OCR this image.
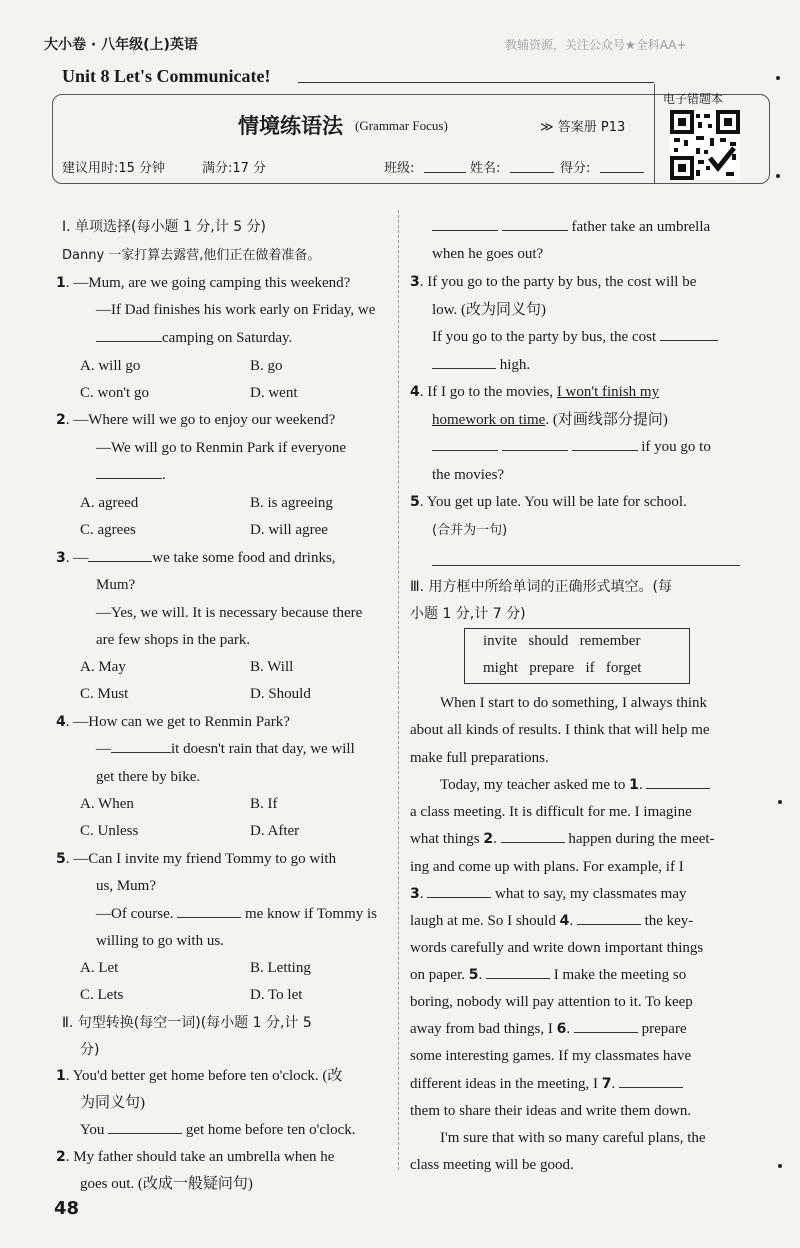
大小卷 · 八年级(上)英语	教辅资源，关注公众号★全科AA+
Unit 8 Let's Communicate!
电子错题本
情境练语法 (Grammar Focus)	≫ 答案册 P13
建议用时:15 分钟	满分:17 分	班级:	姓名:	得分:
Ⅰ. 单项选择(每小题 1 分,计 5 分)
Danny 一家打算去露营,他们正在做着准备。
1. —Mum, are we going camping this weekend?
—If Dad finishes his work early on Friday, we
camping on Saturday.
A. will go	B. go
C. won't go	D. went
2. —Where will we go to enjoy our weekend?
—We will go to Renmin Park if everyone
.
A. agreed	B. is agreeing
C. agrees	D. will agree
3. —	we take some food and drinks,
Mum?
—Yes, we will. It is necessary because there
are few shops in the park.
A. May	B. Will
C. Must	D. Should
4. —How can we get to Renmin Park?
—	it doesn't rain that day, we will
get there by bike.
A. When	B. If
C. Unless	D. After
5. —Can I invite my friend Tommy to go with
us, Mum?
—Of course.	me know if Tommy is
willing to go with us.
A. Let	B. Letting
C. Lets	D. To let
Ⅱ. 句型转换(每空一词)(每小题 1 分,计 5
分)
1. You'd better get home before ten o'clock. (改
为同义句)
You	get home before ten o'clock.
2. My father should take an umbrella when he
goes out. (改成一般疑问句)
father take an umbrella
when he goes out?
3. If you go to the party by bus, the cost will be
low. (改为同义句)
If you go to the party by bus, the cost
high.
4. If I go to the movies, I won't finish my
homework on time. (对画线部分提问)
if you go to
the movies?
5. You get up late. You will be late for school.
(合并为一句)
Ⅲ. 用方框中所给单词的正确形式填空。(每
小题 1 分,计 7 分)
invite   should   remember
might   prepare   if   forget
When I start to do something, I always think
about all kinds of results. I think that will help me
make full preparations.
Today, my teacher asked me to 1.
a class meeting. It is difficult for me. I imagine
what things 2.	happen during the meet-
ing and come up with plans. For example, if I
3.	what to say, my classmates may
laugh at me. So I should 4.	the key-
words carefully and write down important things
on paper. 5.	I make the meeting so
boring, nobody will pay attention to it. To keep
away from bad things, I 6.	prepare
some interesting games. If my classmates have
different ideas in the meeting, I 7.
them to share their ideas and write them down.
I'm sure that with so many careful plans, the
class meeting will be good.
48
